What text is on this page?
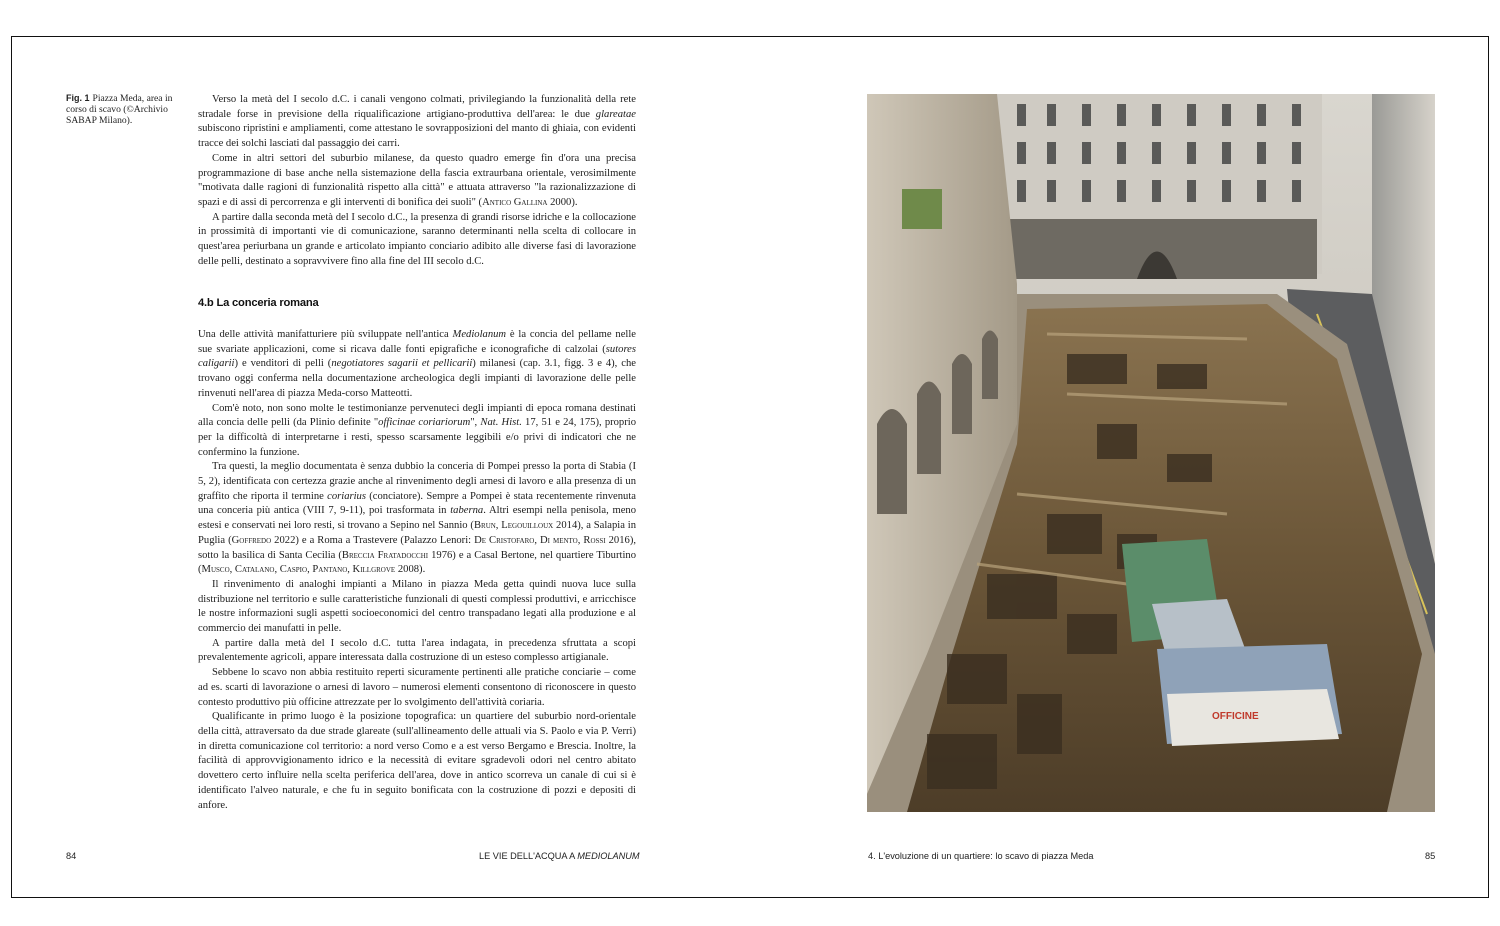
Fig. 1 Piazza Meda, area in corso di scavo (©Archivio SABAP Milano).

Verso la metà del I secolo d.C. i canali vengono colmati, privilegiando la funzionalità della rete stradale forse in previsione della riqualificazione artigiano-produttiva dell'area: le due glareatae subiscono ripristini e ampliamenti, come attestano le sovrapposizioni del manto di ghiaia, con evidenti tracce dei solchi lasciati dal passaggio dei carri.

Come in altri settori del suburbio milanese, da questo quadro emerge fin d'ora una precisa programmazione di base anche nella sistemazione della fascia extraurbana orientale, verosimilmente "motivata dalle ragioni di funzionalità rispetto alla città" e attuata attraverso "la razionalizzazione di spazi e di assi di percorrenza e gli interventi di bonifica dei suoli" (Antico Gallina 2000).

A partire dalla seconda metà del I secolo d.C., la presenza di grandi risorse idriche e la collocazione in prossimità di importanti vie di comunicazione, saranno determinanti nella scelta di collocare in quest'area periurbana un grande e articolato impianto conciario adibito alle diverse fasi di lavorazione delle pelli, destinato a sopravvivere fino alla fine del III secolo d.C.

4.b La conceria romana

Una delle attività manifatturiere più sviluppate nell'antica Mediolanum è la concia del pellame nelle sue svariate applicazioni, come si ricava dalle fonti epigrafiche e iconografiche di calzolai (sutores caligarii) e venditori di pelli (negotiatores sagarii et pellicarii) milanesi (cap. 3.1, figg. 3 e 4), che trovano oggi conferma nella documentazione archeologica degli impianti di lavorazione delle pelle rinvenuti nell'area di piazza Meda-corso Matteotti.

Com'è noto, non sono molte le testimonianze pervenuteci degli impianti di epoca romana destinati alla concia delle pelli (da Plinio definite "officinae coriariorum", Nat. Hist. 17, 51 e 24, 175), proprio per la difficoltà di interpretarne i resti, spesso scarsamente leggibili e/o privi di indicatori che ne confermino la funzione.

Tra questi, la meglio documentata è senza dubbio la conceria di Pompei presso la porta di Stabia (I 5, 2), identificata con certezza grazie anche al rinvenimento degli arnesi di lavoro e alla presenza di un graffito che riporta il termine coriarius (conciatore). Sempre a Pompei è stata recentemente rinvenuta una conceria più antica (VIII 7, 9-11), poi trasformata in taberna. Altri esempi nella penisola, meno estesi e conservati nei loro resti, si trovano a Sepino nel Sannio (Brun, Legouilloux 2014), a Salapia in Puglia (Goffredo 2022) e a Roma a Trastevere (Palazzo Lenori: De Cristofaro, Di mento, Rossi 2016), sotto la basilica di Santa Cecilia (Breccia Fratadocchi 1976) e a Casal Bertone, nel quartiere Tiburtino (Musco, Catalano, Caspio, Pantano, Killgrove 2008).

Il rinvenimento di analoghi impianti a Milano in piazza Meda getta quindi nuova luce sulla distribuzione nel territorio e sulle caratteristiche funzionali di questi complessi produttivi, e arricchisce le nostre informazioni sugli aspetti socioeconomici del centro transpadano legati alla produzione e al commercio dei manufatti in pelle.

A partire dalla metà del I secolo d.C. tutta l'area indagata, in precedenza sfruttata a scopi prevalentemente agricoli, appare interessata dalla costruzione di un esteso complesso artigianale.

Sebbene lo scavo non abbia restituito reperti sicuramente pertinenti alle pratiche conciarie – come ad es. scarti di lavorazione o arnesi di lavoro – numerosi elementi consentono di riconoscere in questo contesto produttivo più officine attrezzate per lo svolgimento dell'attività coriaria.

Qualificante in primo luogo è la posizione topografica: un quartiere del suburbio nord-orientale della città, attraversato da due strade glareate (sull'allineamento delle attuali via S. Paolo e via P. Verri) in diretta comunicazione col territorio: a nord verso Como e a est verso Bergamo e Brescia. Inoltre, la facilità di approvvigionamento idrico e la necessità di evitare sgradevoli odori nel centro abitato dovettero certo influire nella scelta periferica dell'area, dove in antico scorreva un canale di cui si è identificato l'alveo naturale, e che fu in seguito bonificata con la costruzione di pozzi e depositi di anfore.

OFFICINE
84	LE VIE DELL'ACQUA A MEDIOLANUM	4. L'evoluzione di un quartiere: lo scavo di piazza Meda	85
